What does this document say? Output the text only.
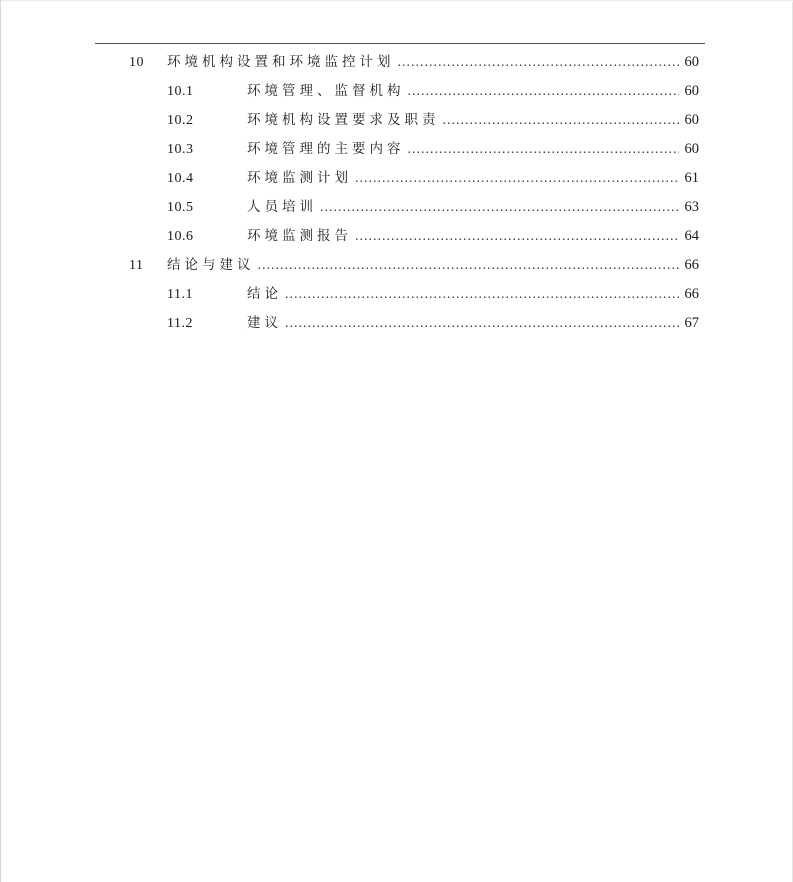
10 环境机构设置和环境监控计划 .....	60
10.1	环境管理、监督机构 .....	60
10.2	环境机构设置要求及职责 .....	60
10.3	环境管理的主要内容 .....	60
10.4	环境监测计划 .....	61
10.5	人员培训 .....	63
10.6	环境监测报告 .....	64
11 结论与建议 .....	66
11.1	结论 .....	66
11.2	建议 .....	67
